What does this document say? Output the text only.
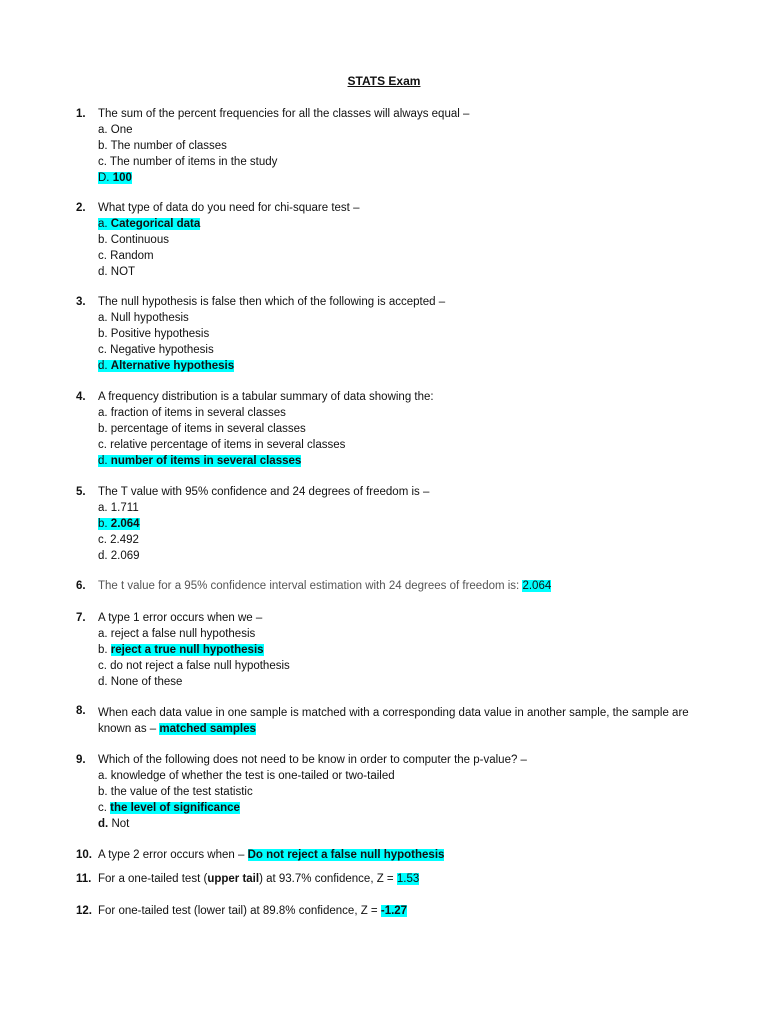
STATS Exam
1. The sum of the percent frequencies for all the classes will always equal –
a. One
b. The number of classes
c. The number of items in the study
D. 100
2. What type of data do you need for chi-square test –
a. Categorical data
b. Continuous
c. Random
d. NOT
3. The null hypothesis is false then which of the following is accepted –
a. Null hypothesis
b. Positive hypothesis
c. Negative hypothesis
d. Alternative hypothesis
4. A frequency distribution is a tabular summary of data showing the:
a. fraction of items in several classes
b. percentage of items in several classes
c. relative percentage of items in several classes
d. number of items in several classes
5. The T value with 95% confidence and 24 degrees of freedom is –
a. 1.711
b. 2.064
c. 2.492
d. 2.069
6. The t value for a 95% confidence interval estimation with 24 degrees of freedom is: 2.064
7. A type 1 error occurs when we –
a. reject a false null hypothesis
b. reject a true null hypothesis
c. do not reject a false null hypothesis
d. None of these
8.	When each data value in one sample is matched with a corresponding data value in another sample, the sample are known as – matched samples
9. Which of the following does not need to be know in order to computer the p-value? –
a. knowledge of whether the test is one-tailed or two-tailed
b. the value of the test statistic
c. the level of significance
d. Not
10. A type 2 error occurs when – Do not reject a false null hypothesis
11. For a one-tailed test (upper tail) at 93.7% confidence, Z = 1.53
12. For one-tailed test (lower tail) at 89.8% confidence, Z = -1.27
